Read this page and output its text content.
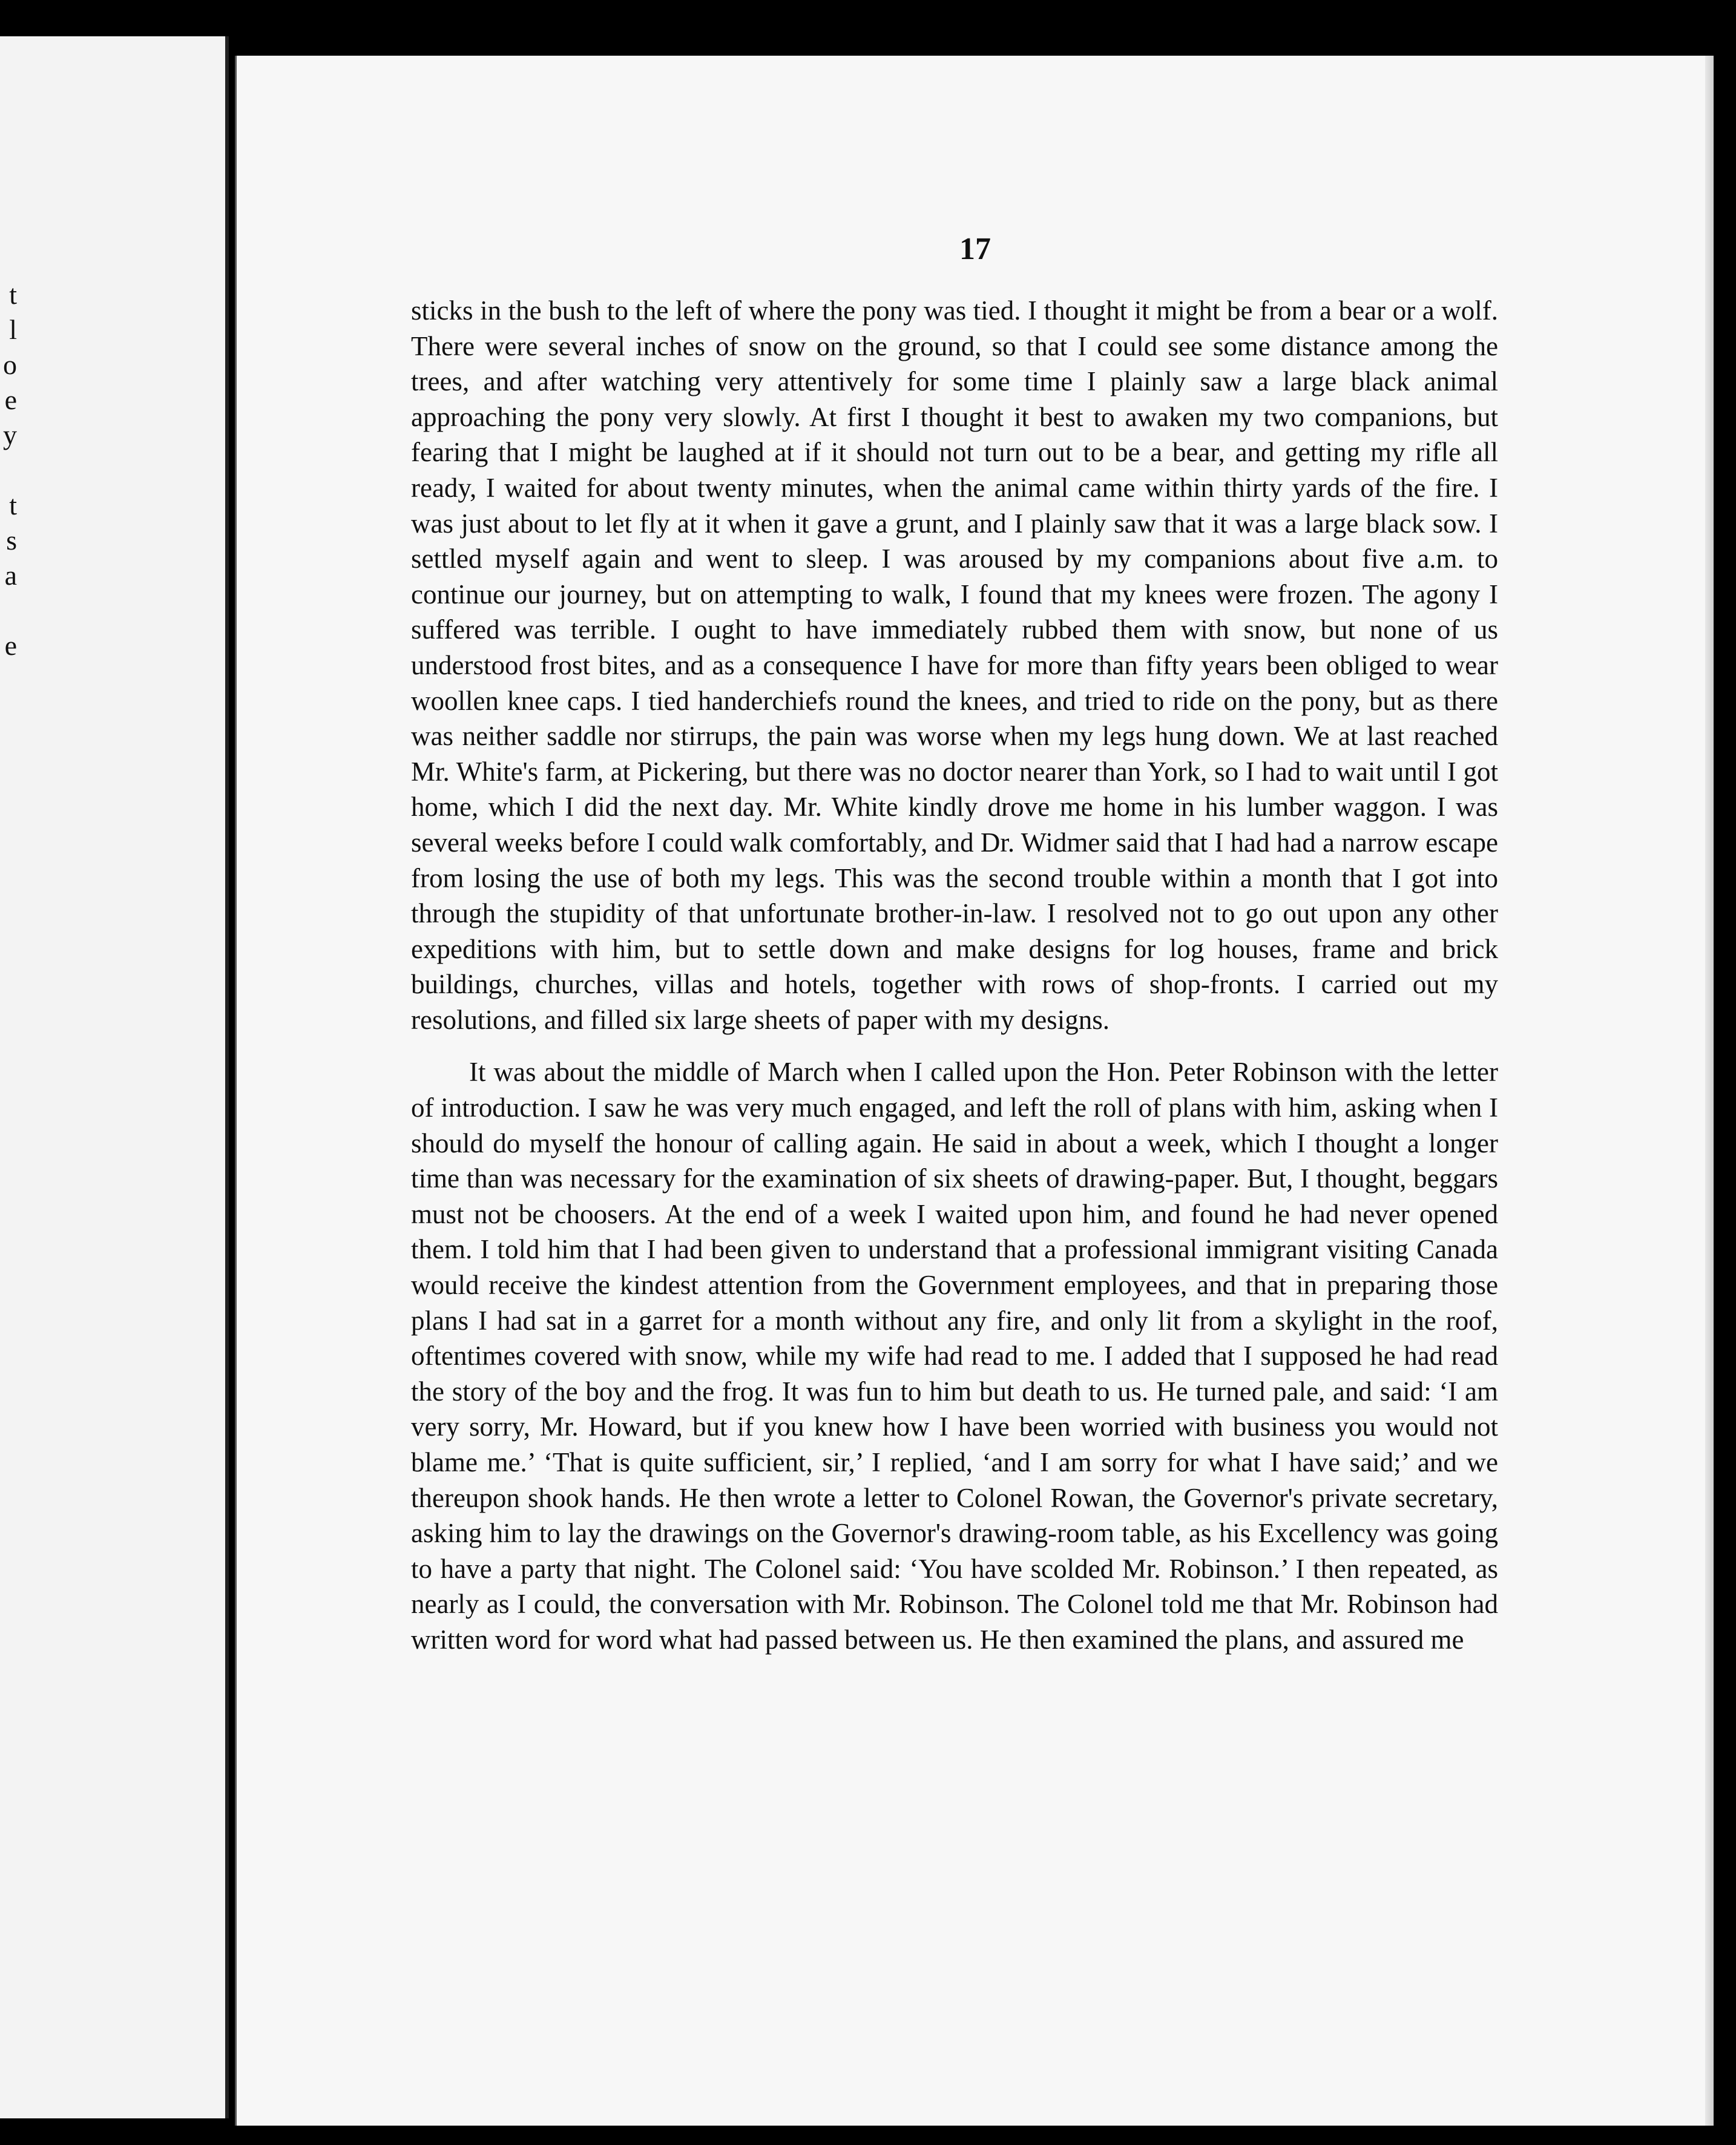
t
l
o
e
y
t
s
a
e
17

sticks in the bush to the left of where the pony was tied. I thought it might be from a bear or a wolf. There were several inches of snow on the ground, so that I could see some distance among the trees, and after watching very attentively for some time I plainly saw a large black animal approaching the pony very slowly. At first I thought it best to awaken my two companions, but fearing that I might be laughed at if it should not turn out to be a bear, and getting my rifle all ready, I waited for about twenty minutes, when the animal came within thirty yards of the fire. I was just about to let fly at it when it gave a grunt, and I plainly saw that it was a large black sow. I settled myself again and went to sleep. I was aroused by my companions about five a.m. to continue our journey, but on attempting to walk, I found that my knees were frozen. The agony I suffered was terrible. I ought to have immediately rubbed them with snow, but none of us understood frost bites, and as a consequence I have for more than fifty years been obliged to wear woollen knee caps. I tied handerchiefs round the knees, and tried to ride on the pony, but as there was neither saddle nor stirrups, the pain was worse when my legs hung down. We at last reached Mr. White's farm, at Pickering, but there was no doctor nearer than York, so I had to wait until I got home, which I did the next day. Mr. White kindly drove me home in his lumber waggon. I was several weeks before I could walk comfortably, and Dr. Widmer said that I had had a narrow escape from losing the use of both my legs. This was the second trouble within a month that I got into through the stupidity of that unfortunate brother-in-law. I resolved not to go out upon any other expeditions with him, but to settle down and make designs for log houses, frame and brick buildings, churches, villas and hotels, together with rows of shop-fronts. I carried out my resolutions, and filled six large sheets of paper with my designs.

It was about the middle of March when I called upon the Hon. Peter Robinson with the letter of introduction. I saw he was very much engaged, and left the roll of plans with him, asking when I should do myself the honour of calling again. He said in about a week, which I thought a longer time than was necessary for the examination of six sheets of drawing-paper. But, I thought, beggars must not be choosers. At the end of a week I waited upon him, and found he had never opened them. I told him that I had been given to understand that a professional immigrant visiting Canada would receive the kindest attention from the Government employees, and that in preparing those plans I had sat in a garret for a month without any fire, and only lit from a skylight in the roof, oftentimes covered with snow, while my wife had read to me. I added that I supposed he had read the story of the boy and the frog. It was fun to him but death to us. He turned pale, and said: ‘I am very sorry, Mr. Howard, but if you knew how I have been worried with business you would not blame me.’ ‘That is quite sufficient, sir,’ I replied, ‘and I am sorry for what I have said;’ and we thereupon shook hands. He then wrote a letter to Colonel Rowan, the Governor's private secretary, asking him to lay the drawings on the Governor's drawing-room table, as his Excellency was going to have a party that night. The Colonel said: ‘You have scolded Mr. Robinson.’ I then repeated, as nearly as I could, the conversation with Mr. Robinson. The Colonel told me that Mr. Robinson had written word for word what had passed between us. He then examined the plans, and assured me
